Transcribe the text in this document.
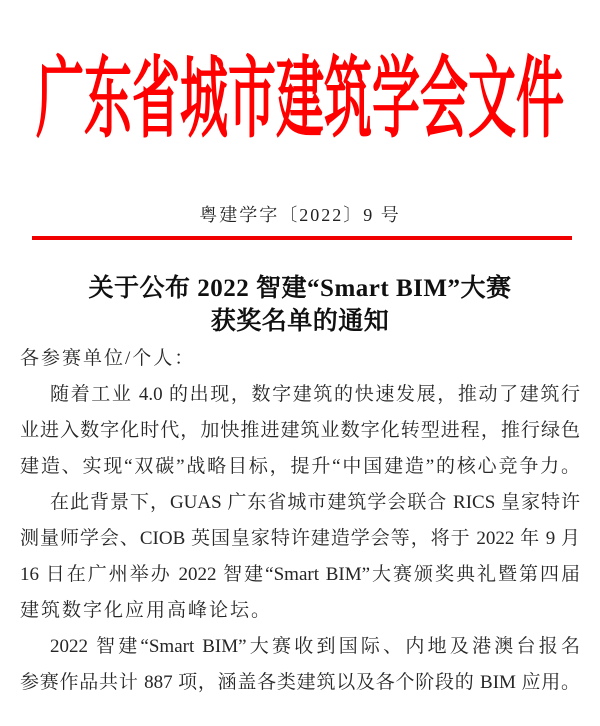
广东省城市建筑学会文件
粤建学字〔2022〕9 号
关于公布 2022 智建“Smart BIM”大赛
获奖名单的通知
各参赛单位/个人：
随着工业 4.0 的出现，数字建筑的快速发展，推动了建筑行
业进入数字化时代，加快推进建筑业数字化转型进程，推行绿色
建造、实现“双碳”战略目标，提升“中国建造”的核心竞争力。
在此背景下，GUAS 广东省城市建筑学会联合 RICS 皇家特许
测量师学会、CIOB 英国皇家特许建造学会等，将于 2022 年 9 月
16 日在广州举办 2022 智建“Smart BIM”大赛颁奖典礼暨第四届
建筑数字化应用高峰论坛。
2022 智建“Smart BIM”大赛收到国际、内地及港澳台报名
参赛作品共计 887 项，涵盖各类建筑以及各个阶段的 BIM 应用。
